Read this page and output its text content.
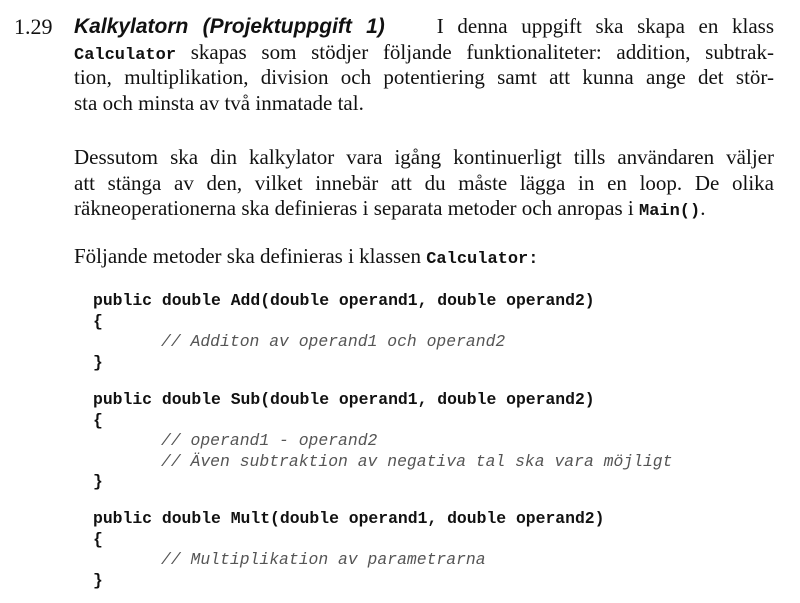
1.29 Kalkylatorn (Projektuppgift 1) I denna uppgift ska skapa en klass
Calculator skapas som stödjer följande funktionaliteter: addition, subtrak-
tion, multiplikation, division och potentiering samt att kunna ange det stör-
sta och minsta av två inmatade tal.
Dessutom ska din kalkylator vara igång kontinuerligt tills användaren väljer
att stänga av den, vilket innebär att du måste lägga in en loop. De olika
räkneoperationerna ska definieras i separata metoder och anropas i Main().
Följande metoder ska definieras i klassen Calculator:
public double Add(double operand1, double operand2)
{
// Additon av operand1 och operand2
}
public double Sub(double operand1, double operand2)
{
// operand1 - operand2
// Även subtraktion av negativa tal ska vara möjligt
}
public double Mult(double operand1, double operand2)
{
// Multiplikation av parametrarna
}
